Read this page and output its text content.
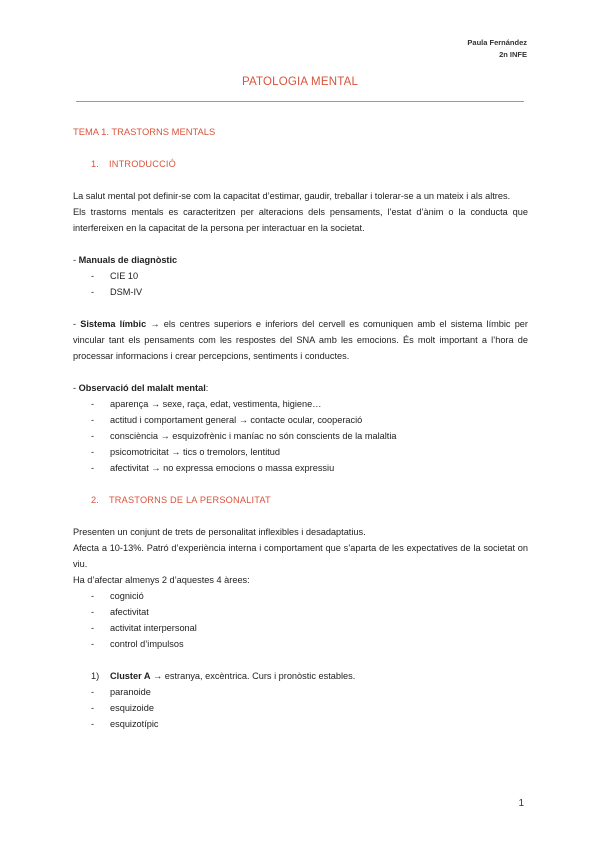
Paula Fernández
2n INFE
PATOLOGIA MENTAL

TEMA 1. TRASTORNS MENTALS

1. INTRODUCCIÓ

La salut mental pot definir-se com la capacitat d’estimar, gaudir, treballar i tolerar-se a un mateix i als altres.

Els trastorns mentals es caracteritzen per alteracions dels pensaments, l’estat d’ànim o la conducta que interfereixen en la capacitat de la persona per interactuar en la societat.

- Manuals de diagnòstic

- CIE 10
- DSM-IV

- Sistema límbic → els centres superiors e inferiors del cervell es comuniquen amb el sistema límbic per vincular tant els pensaments com les respostes del SNA amb les emocions. És molt important a l’hora de processar informacions i crear percepcions, sentiments i conductes.

- Observació del malalt mental:

- aparença → sexe, raça, edat, vestimenta, higiene…
- actitud i comportament general → contacte ocular, cooperació
- consciència → esquizofrènic i maníac no són conscients de la malaltia
- psicomotricitat → tics o tremolors, lentitud
- afectivitat → no expressa emocions o massa expressiu

2. TRASTORNS DE LA PERSONALITAT

Presenten un conjunt de trets de personalitat inflexibles i desadaptatius.

Afecta a 10-13%. Patró d’experiència interna i comportament que s’aparta de les expectatives de la societat on viu.

Ha d’afectar almenys 2 d’aquestes 4 àrees:

- cognició
- afectivitat
- activitat interpersonal
- control d’impulsos

1) Cluster A → estranya, excèntrica. Curs i pronòstic estables.

- paranoide
- esquizoide
- esquizotípic
1
